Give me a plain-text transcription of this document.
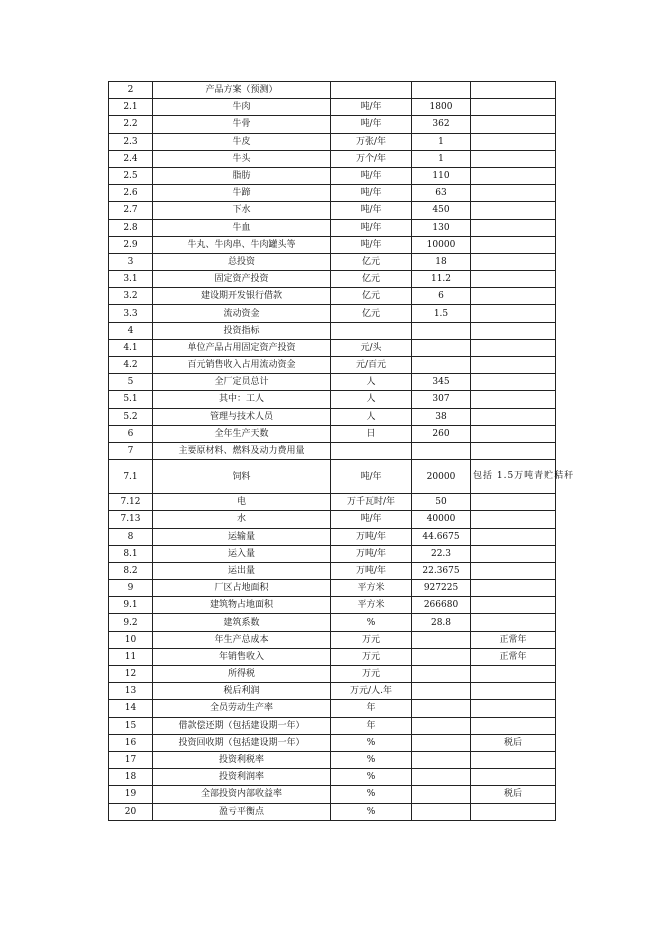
2	产品方案（预测）			
2.1	牛肉	吨/年	1800	
2.2	牛骨	吨/年	362	
2.3	牛皮	万张/年	1	
2.4	牛头	万个/年	1	
2.5	脂肪	吨/年	110	
2.6	牛蹄	吨/年	63	
2.7	下水	吨/年	450	
2.8	牛血	吨/年	130	
2.9	牛丸、牛肉串、牛肉罐头等	吨/年	10000	
3	总投资	亿元	18	
3.1	固定资产投资	亿元	11.2	
3.2	建设期开发银行借款	亿元	6	
3.3	流动资金	亿元	1.5	
4	投资指标			
4.1	单位产品占用固定资产投资	元/头		
4.2	百元销售收入占用流动资金	元/百元		
5	全厂定员总计	人	345	
5.1	其中：工人	人	307	
5.2	管理与技术人员	人	38	
6	全年生产天数	日	260	
7	主要原材料、燃料及动力费用量			
7.1	饲料	吨/年	20000	包括 1.5万吨青贮秸秆
7.12	电	万千瓦时/年	50	
7.13	水	吨/年	40000	
8	运输量	万吨/年	44.6675	
8.1	运入量	万吨/年	22.3	
8.2	运出量	万吨/年	22.3675	
9	厂区占地面积	平方米	927225	
9.1	建筑物占地面积	平方米	266680	
9.2	建筑系数	%	28.8	
10	年生产总成本	万元		正常年
11	年销售收入	万元		正常年
12	所得税	万元		
13	税后利润	万元/人.年		
14	全员劳动生产率	年		
15	借款偿还期（包括建设期一年）	年		
16	投资回收期（包括建设期一年）	%		税后
17	投资利税率	%		
18	投资利润率	%		
19	全部投资内部收益率	%		税后
20	盈亏平衡点	%		
